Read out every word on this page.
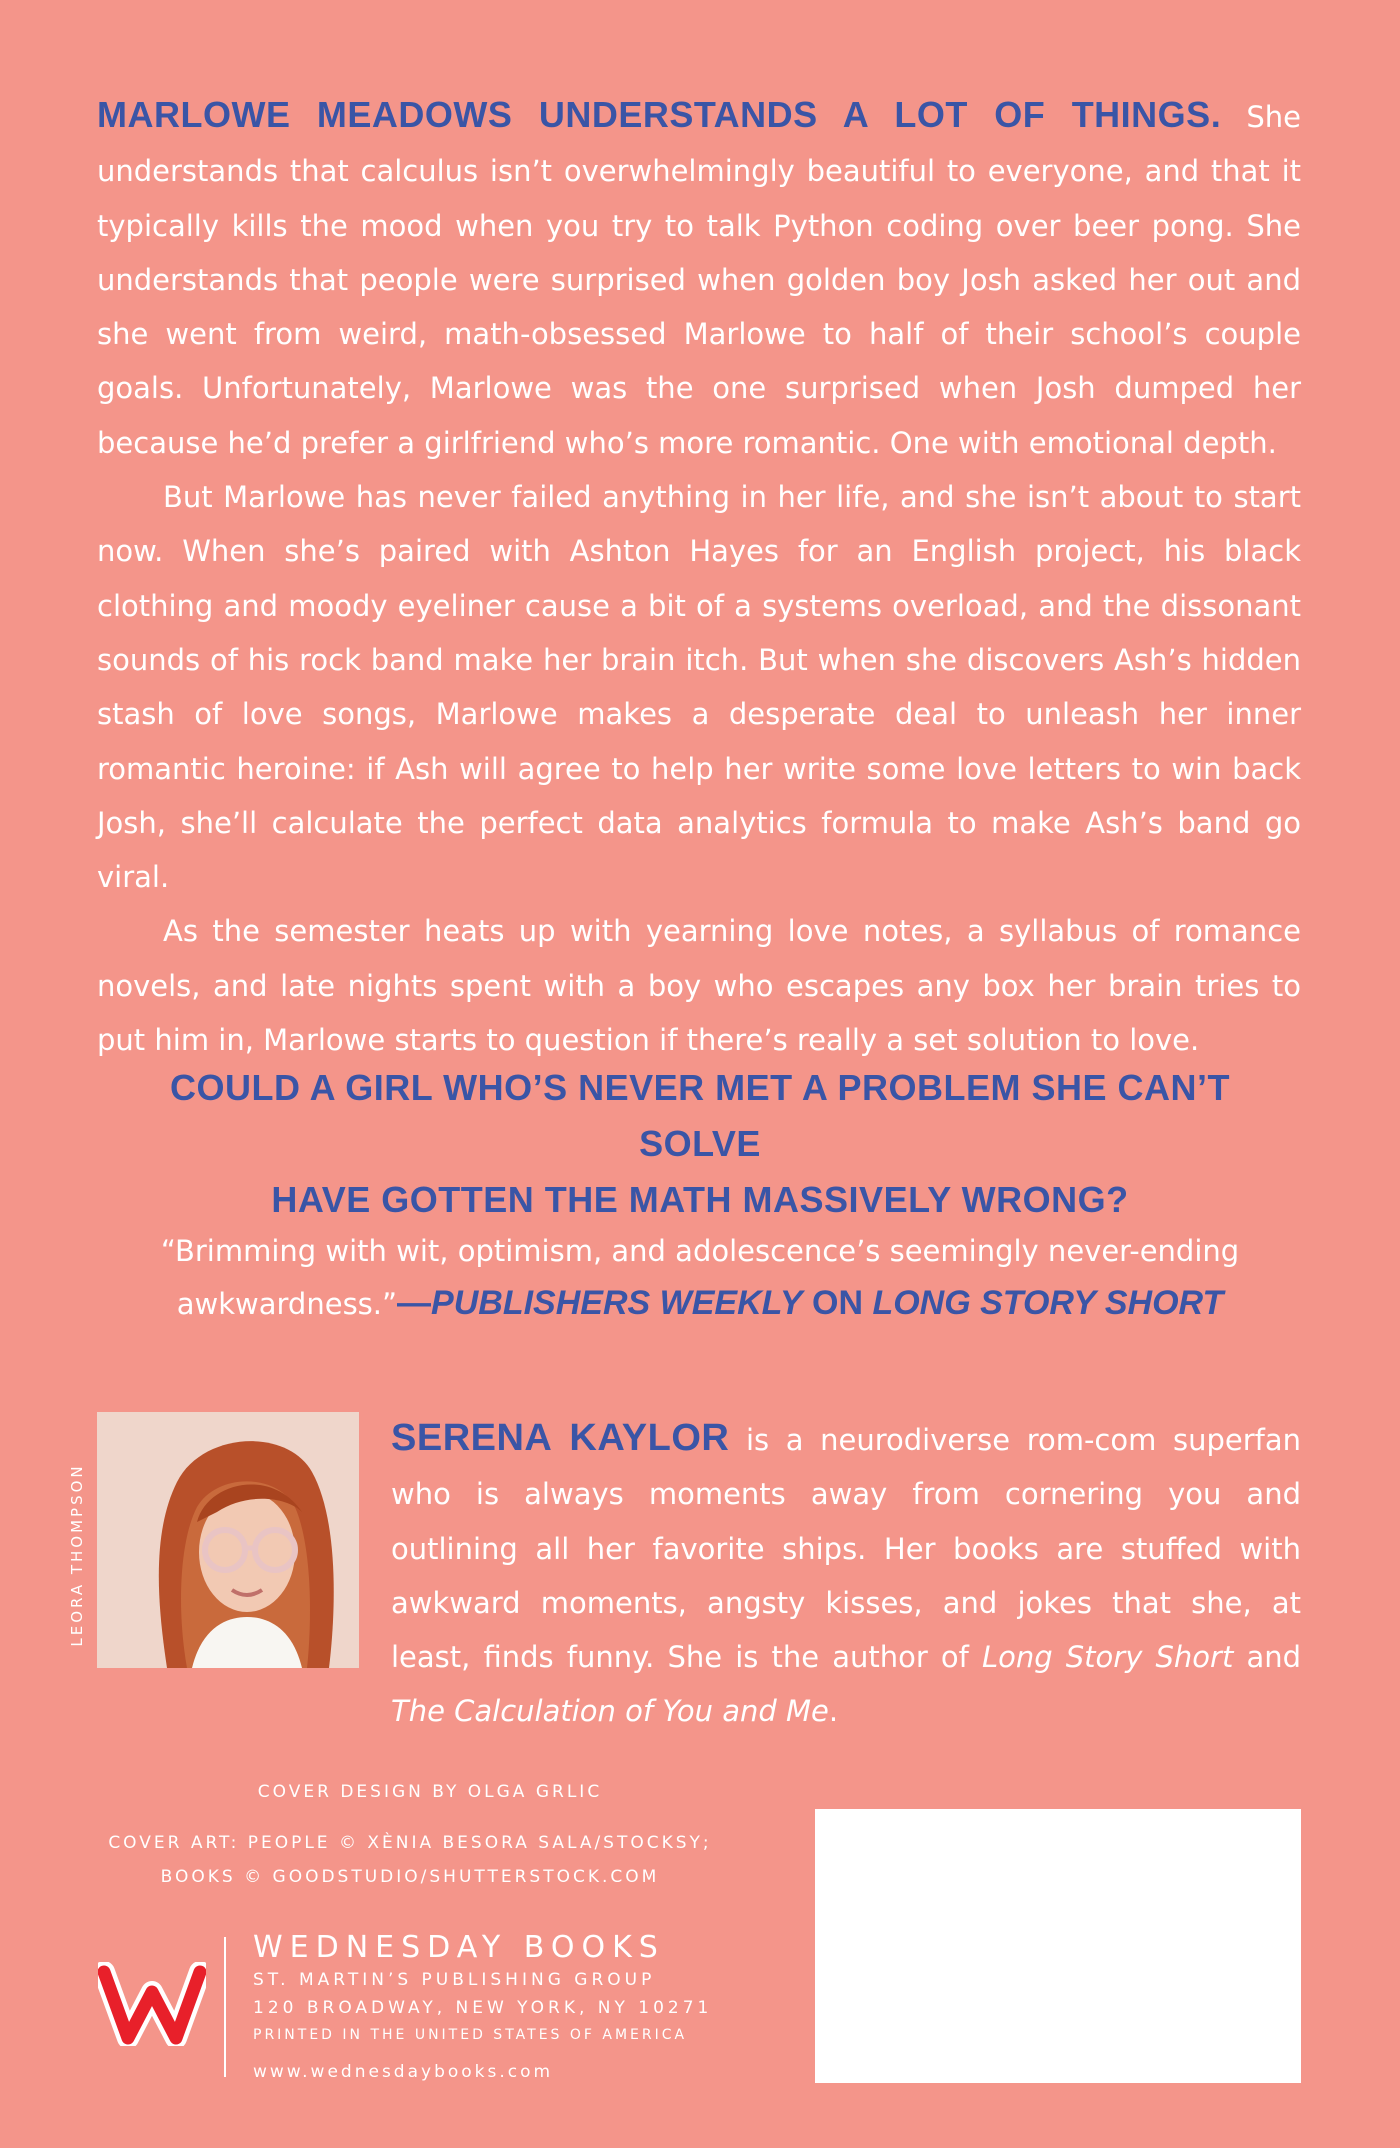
MARLOWE MEADOWS UNDERSTANDS A LOT OF THINGS. She understands that calculus isn’t overwhelmingly beautiful to everyone, and that it typically kills the mood when you try to talk Python coding over beer pong. She understands that people were surprised when golden boy Josh asked her out and she went from weird, math-obsessed Marlowe to half of their school’s couple goals. Unfortunately, Marlowe was the one surprised when Josh dumped her because he’d prefer a girlfriend who’s more romantic. One with emotional depth.

But Marlowe has never failed anything in her life, and she isn’t about to start now. When she’s paired with Ashton Hayes for an English project, his black clothing and moody eyeliner cause a bit of a systems overload, and the dissonant sounds of his rock band make her brain itch. But when she discovers Ash’s hidden stash of love songs, Marlowe makes a desperate deal to unleash her inner romantic heroine: if Ash will agree to help her write some love letters to win back Josh, she’ll calculate the perfect data analytics formula to make Ash’s band go viral.

As the semester heats up with yearning love notes, a syllabus of romance novels, and late nights spent with a boy who escapes any box her brain tries to put him in, Marlowe starts to question if there’s really a set solution to love.

COULD A GIRL WHO’S NEVER MET A PROBLEM SHE CAN’T SOLVE
HAVE GOTTEN THE MATH MASSIVELY WRONG?
“Brimming with wit, optimism, and adolescence’s seemingly never-ending awkwardness.”—PUBLISHERS WEEKLY ON LONG STORY SHORT
LEORA THOMPSON

SERENA KAYLOR is a neurodiverse rom-com superfan who is always moments away from cornering you and outlining all her favorite ships. Her books are stuffed with awkward moments, angsty kisses, and jokes that she, at least, finds funny. She is the author of Long Story Short and The Calculation of You and Me.

COVER DESIGN BY OLGA GRLIC
COVER ART: PEOPLE © XÈNIA BESORA SALA/STOCKSY;
BOOKS © GOODSTUDIO/SHUTTERSTOCK.COM
W	WEDNESDAY BOOKS
ST. MARTIN’S PUBLISHING GROUP
120 BROADWAY, NEW YORK, NY 10271
PRINTED IN THE UNITED STATES OF AMERICA
www.wednesdaybooks.com
